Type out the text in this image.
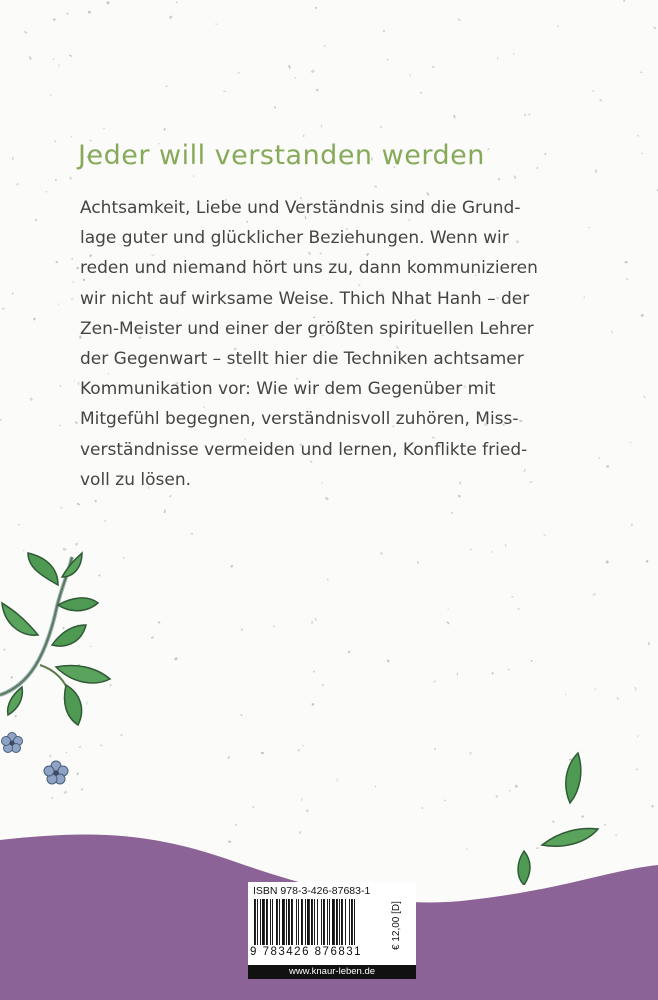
Jeder will verstanden werden
Achtsamkeit, Liebe und Verständnis sind die Grund-
lage guter und glücklicher Beziehungen. Wenn wir
reden und niemand hört uns zu, dann kommunizieren
wir nicht auf wirksame Weise. Thich Nhat Hanh – der
Zen-Meister und einer der größten spirituellen Lehrer
der Gegenwart – stellt hier die Techniken achtsamer
Kommunikation vor: Wie wir dem Gegenüber mit
Mitgefühl begegnen, verständnisvoll zuhören, Miss-
verständnisse vermeiden und lernen, Konflikte fried-
voll zu lösen.
ISBN 978-3-426-87683-1
9 783426 876831
€ 12,00 [D]
www.knaur-leben.de
